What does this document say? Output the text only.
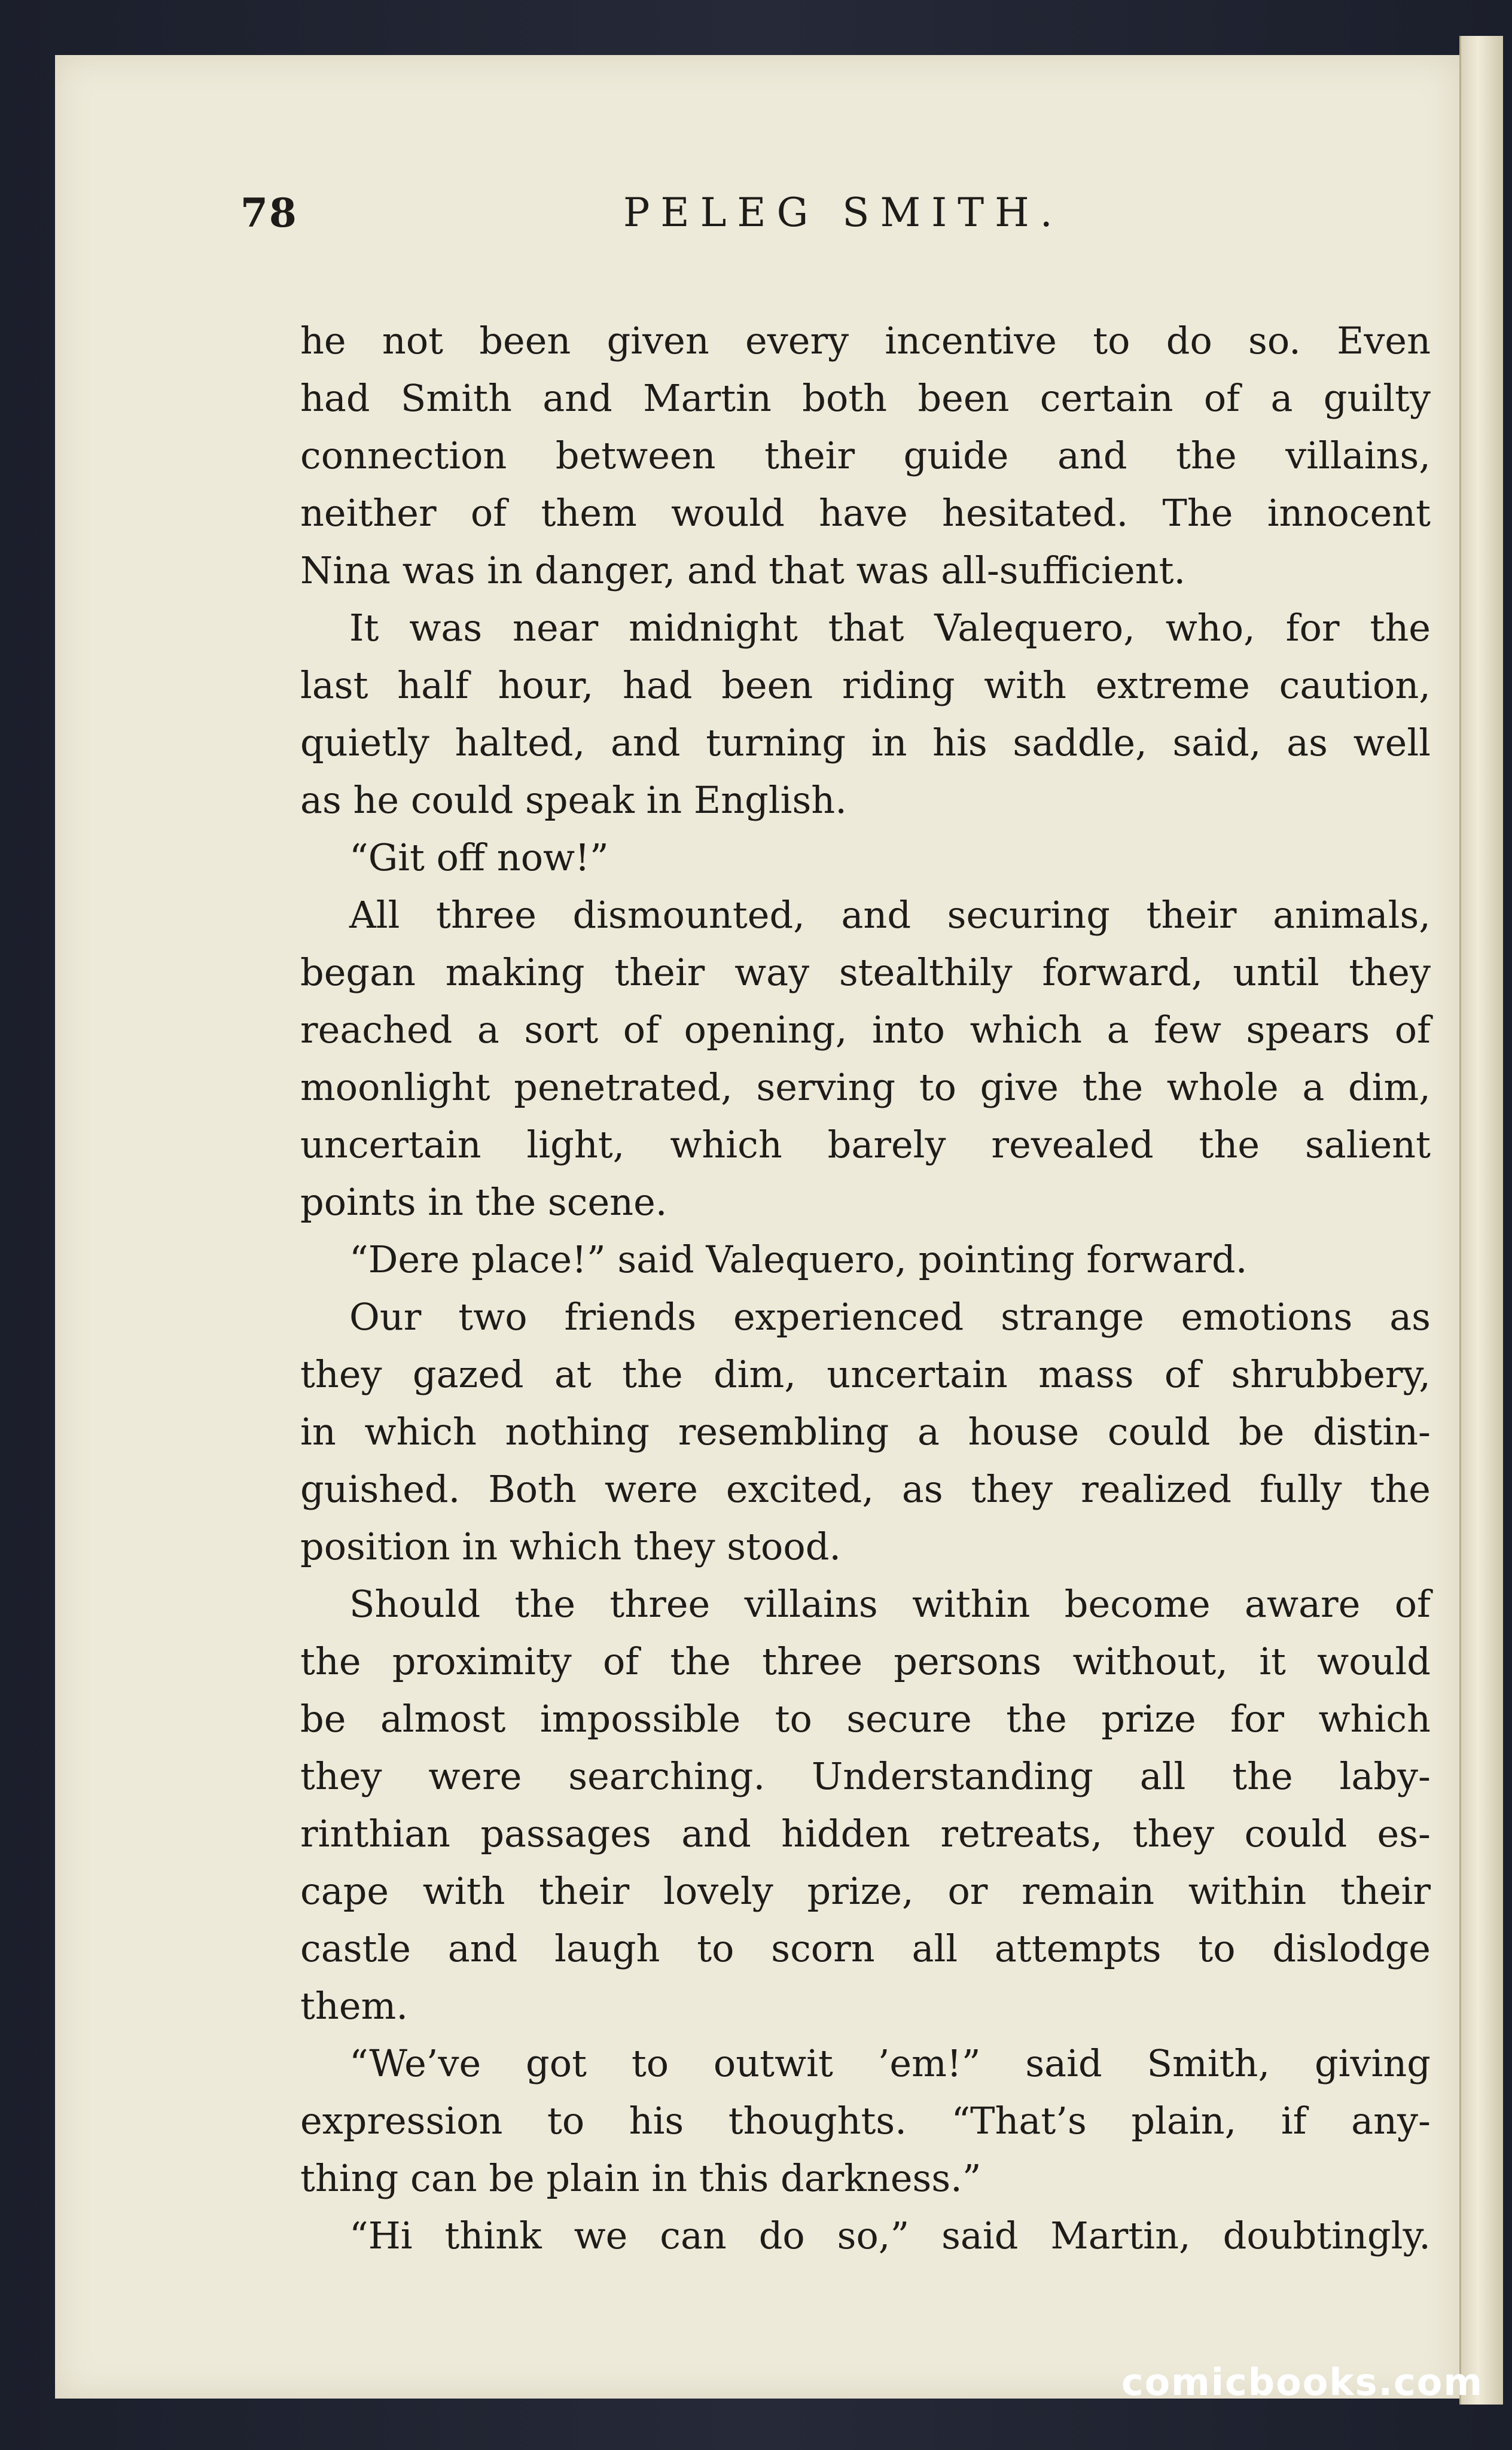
78	PELEG SMITH.
he not been given every incentive to do so. Even
had Smith and Martin both been certain of a guilty
connection between their guide and the villains,
neither of them would have hesitated. The innocent
Nina was in danger, and that was all-sufficient.
It was near midnight that Valequero, who, for the
last half hour, had been riding with extreme caution,
quietly halted, and turning in his saddle, said, as well
as he could speak in English.
“Git off now!”
All three dismounted, and securing their animals,
began making their way stealthily forward, until they
reached a sort of opening, into which a few spears of
moonlight penetrated, serving to give the whole a dim,
uncertain light, which barely revealed the salient
points in the scene.
“Dere place!” said Valequero, pointing forward.
Our two friends experienced strange emotions as
they gazed at the dim, uncertain mass of shrubbery,
in which nothing resembling a house could be distin-
guished. Both were excited, as they realized fully the
position in which they stood.
Should the three villains within become aware of
the proximity of the three persons without, it would
be almost impossible to secure the prize for which
they were searching. Understanding all the laby-
rinthian passages and hidden retreats, they could es-
cape with their lovely prize, or remain within their
castle and laugh to scorn all attempts to dislodge
them.
“We’ve got to outwit ’em!” said Smith, giving
expression to his thoughts. “That’s plain, if any-
thing can be plain in this darkness.”
“Hi think we can do so,” said Martin, doubtingly.
comicbooks.com
